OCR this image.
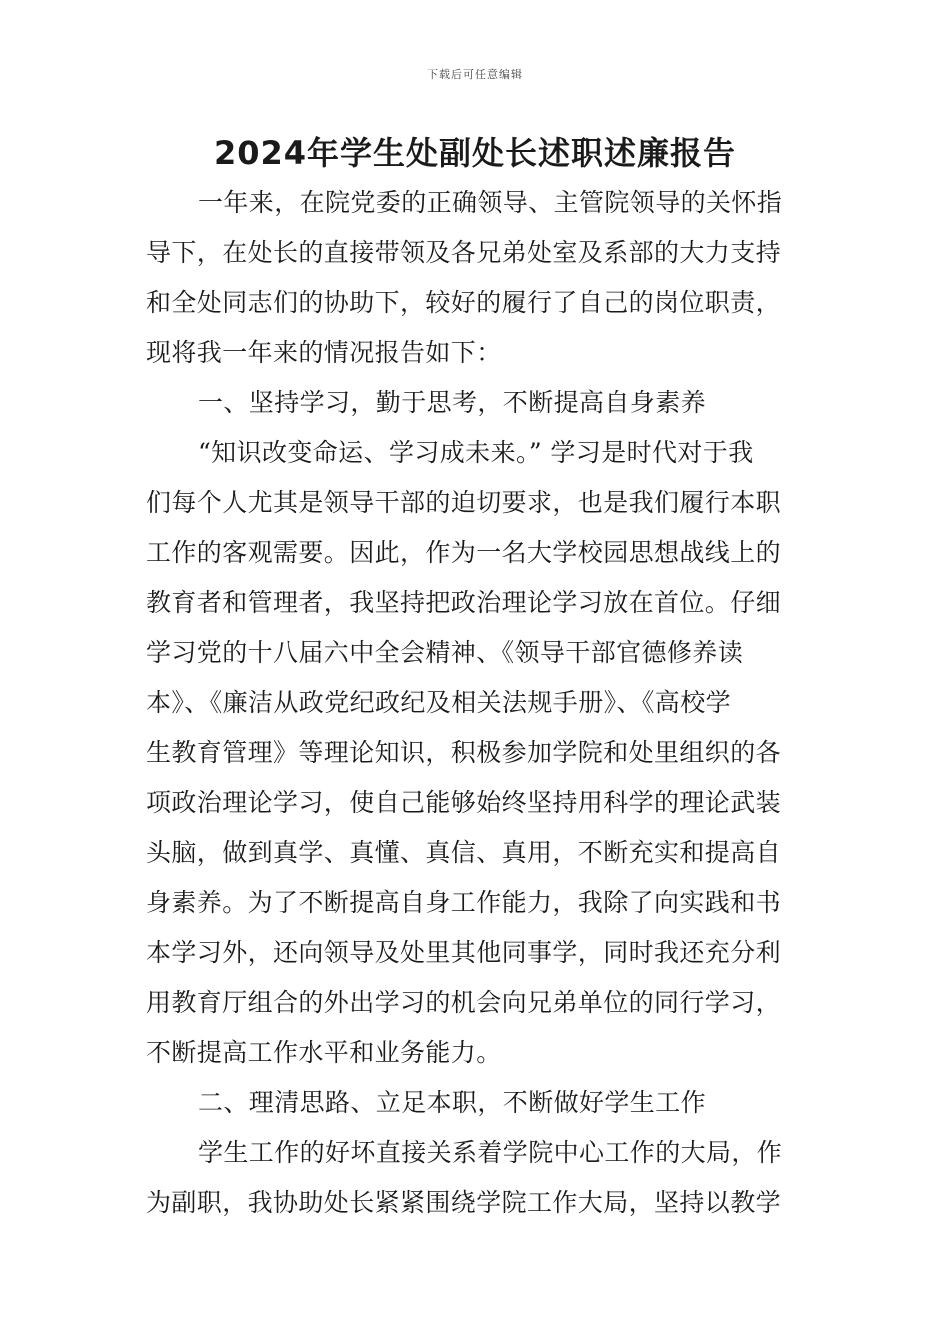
下载后可任意编辑
2024年学生处副处长述职述廉报告
一年来，在院党委的正确领导、主管院领导的关怀指
导下，在处长的直接带领及各兄弟处室及系部的大力支持
和全处同志们的协助下，较好的履行了自己的岗位职责，
现将我一年来的情况报告如下：
一、坚持学习，勤于思考，不断提高自身素养
“知识改变命运、学习成未来。” 学习是时代对于我
们每个人尤其是领导干部的迫切要求，也是我们履行本职
工作的客观需要。因此，作为一名大学校园思想战线上的
教育者和管理者，我坚持把政治理论学习放在首位。仔细
学习党的十八届六中全会精神、《领导干部官德修养读
本》、《廉洁从政党纪政纪及相关法规手册》、《高校学
生教育管理》等理论知识，积极参加学院和处里组织的各
项政治理论学习，使自己能够始终坚持用科学的理论武装
头脑，做到真学、真懂、真信、真用，不断充实和提高自
身素养。为了不断提高自身工作能力，我除了向实践和书
本学习外，还向领导及处里其他同事学，同时我还充分利
用教育厅组合的外出学习的机会向兄弟单位的同行学习，
不断提高工作水平和业务能力。
二、理清思路、立足本职，不断做好学生工作
学生工作的好坏直接关系着学院中心工作的大局，作
为副职，我协助处长紧紧围绕学院工作大局，坚持以教学
